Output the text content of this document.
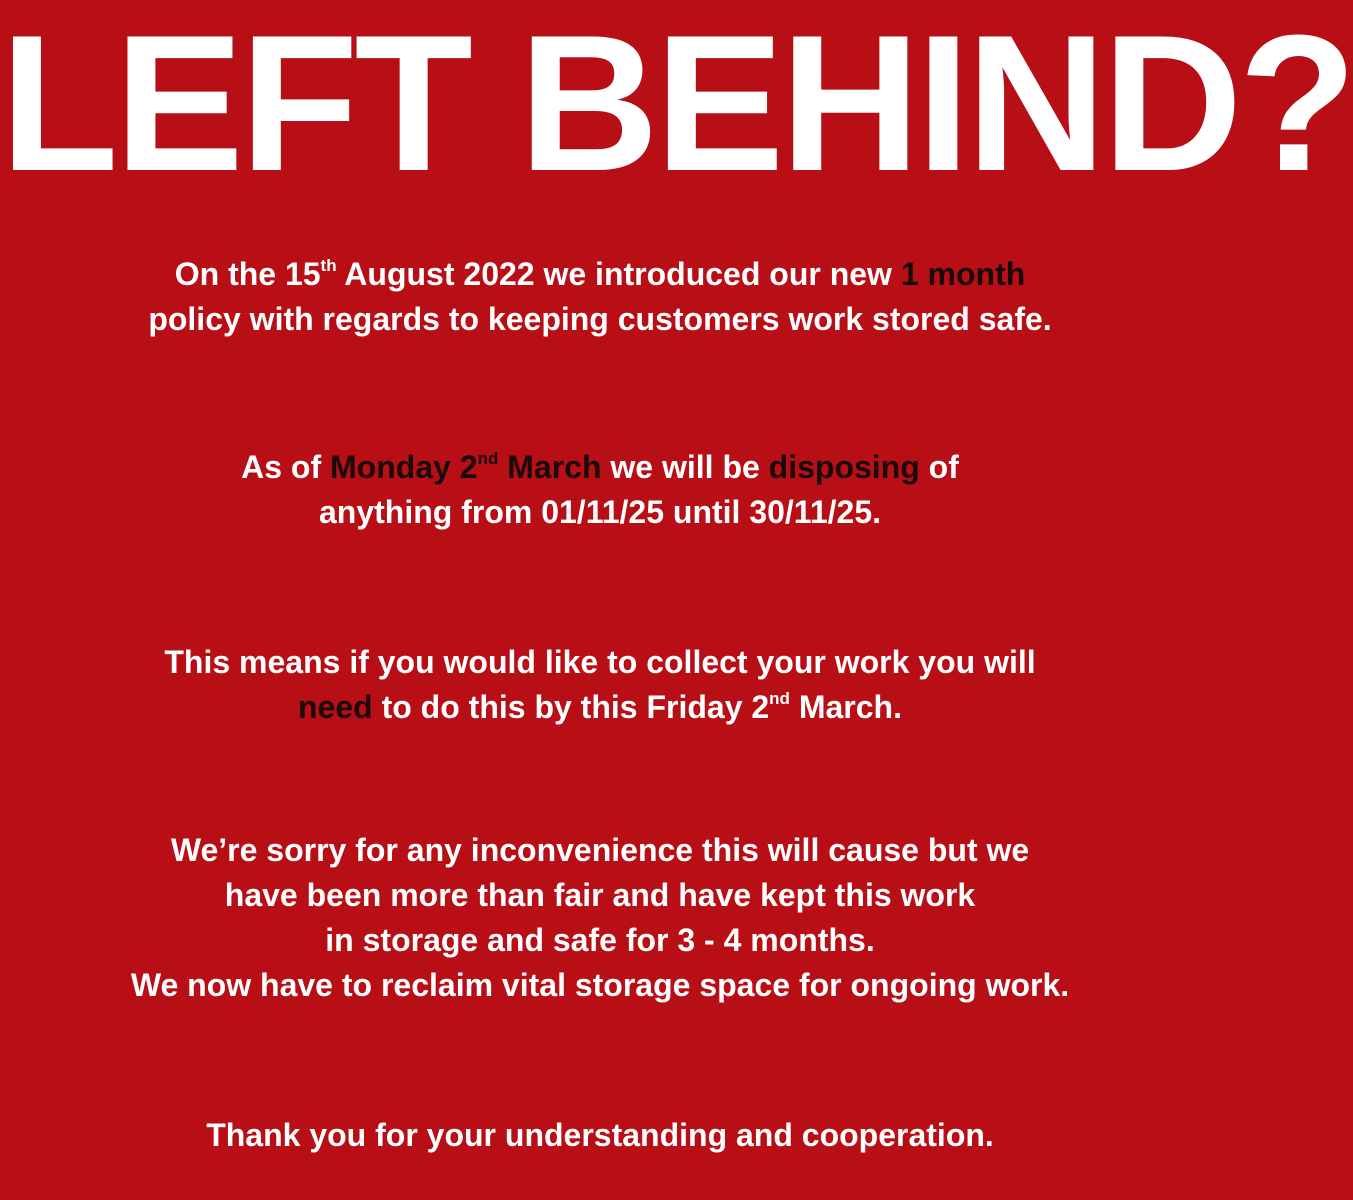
LEFT BEHIND?

On the 15th August 2022 we introduced our new 1 month
policy with regards to keeping customers work stored safe.

As of Monday 2nd March we will be disposing of
anything from 01/11/25 until 30/11/25.

This means if you would like to collect your work you will
need to do this by this Friday 2nd March.

We’re sorry for any inconvenience this will cause but we
have been more than fair and have kept this work
in storage and safe for 3 - 4 months.
We now have to reclaim vital storage space for ongoing work.

Thank you for your understanding and cooperation.
